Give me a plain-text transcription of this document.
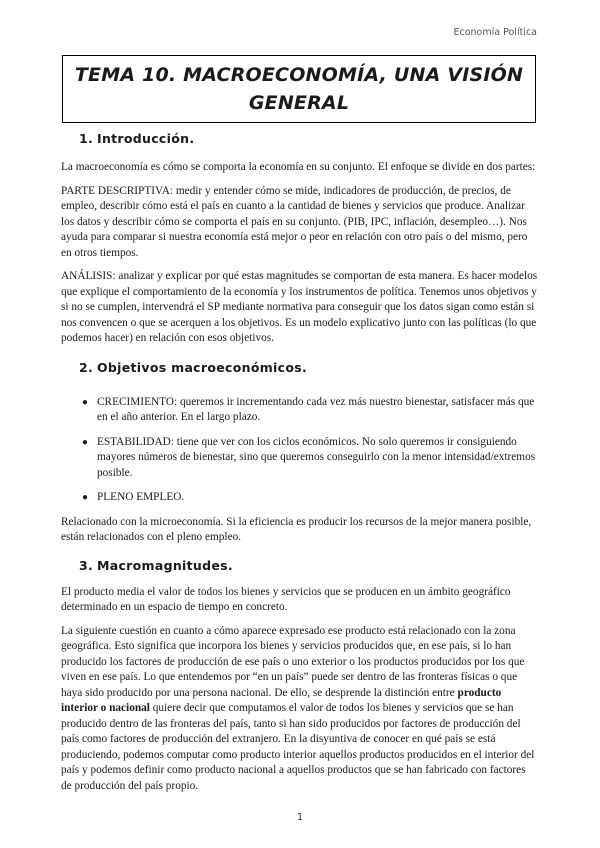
Economía Política
TEMA 10. MACROECONOMÍA, UNA VISIÓN
GENERAL
1. Introducción.

La macroeconomía es cómo se comporta la economía en su conjunto. El enfoque se divide en dos partes:

PARTE DESCRIPTIVA: medir y entender cómo se mide, indicadores de producción, de precios, de empleo, describir cómo está el país en cuanto a la cantidad de bienes y servicios que produce. Analizar los datos y describir cómo se comporta el país en su conjunto. (PIB, IPC, inflación, desempleo…). Nos ayuda para comparar si nuestra economía está mejor o peor en relación con otro país o del mismo, pero en otros tiempos.

ANÁLISIS: analizar y explicar por qué estas magnitudes se comportan de esta manera. Es hacer modelos que explique el comportamiento de la economía y los instrumentos de política. Tenemos unos objetivos y si no se cumplen, intervendrá el SP mediante normativa para conseguir que los datos sigan como están si nos convencen o que se acerquen a los objetivos. Es un modelo explicativo junto con las políticas (lo que podemos hacer) en relación con esos objetivos.

2. Objetivos macroeconómicos.
● CRECIMIENTO: queremos ir incrementando cada vez más nuestro bienestar, satisfacer más que en el año anterior. En el largo plazo.
● ESTABILIDAD: tiene que ver con los ciclos económicos. No solo queremos ir consiguiendo mayores números de bienestar, sino que queremos conseguirlo con la menor intensidad/extremos posible.
● PLENO EMPLEO.

Relacionado con la microeconomía. Si la eficiencia es producir los recursos de la mejor manera posible, están relacionados con el pleno empleo.

3. Macromagnitudes.

El producto media el valor de todos los bienes y servicios que se producen en un ámbito geográfico determinado en un espacio de tiempo en concreto.

La siguiente cuestión en cuanto a cómo aparece expresado ese producto está relacionado con la zona geográfica. Esto significa que incorpora los bienes y servicios producidos que, en ese país, si lo han producido los factores de producción de ese país o uno exterior o los productos producidos por los que viven en ese país. Lo que entendemos por “en un país” puede ser dentro de las fronteras físicas o que haya sido producido por una persona nacional. De ello, se desprende la distinción entre producto interior o nacional quiere decir que computamos el valor de todos los bienes y servicios que se han producido dentro de las fronteras del país, tanto si han sido producidos por factores de producción del país como factores de producción del extranjero. En la disyuntiva de conocer en qué país se está produciendo, podemos computar como producto interior aquellos productos producidos en el interior del país y podemos definir como producto nacional a aquellos productos que se han fabricado con factores de producción del país propio.

1
